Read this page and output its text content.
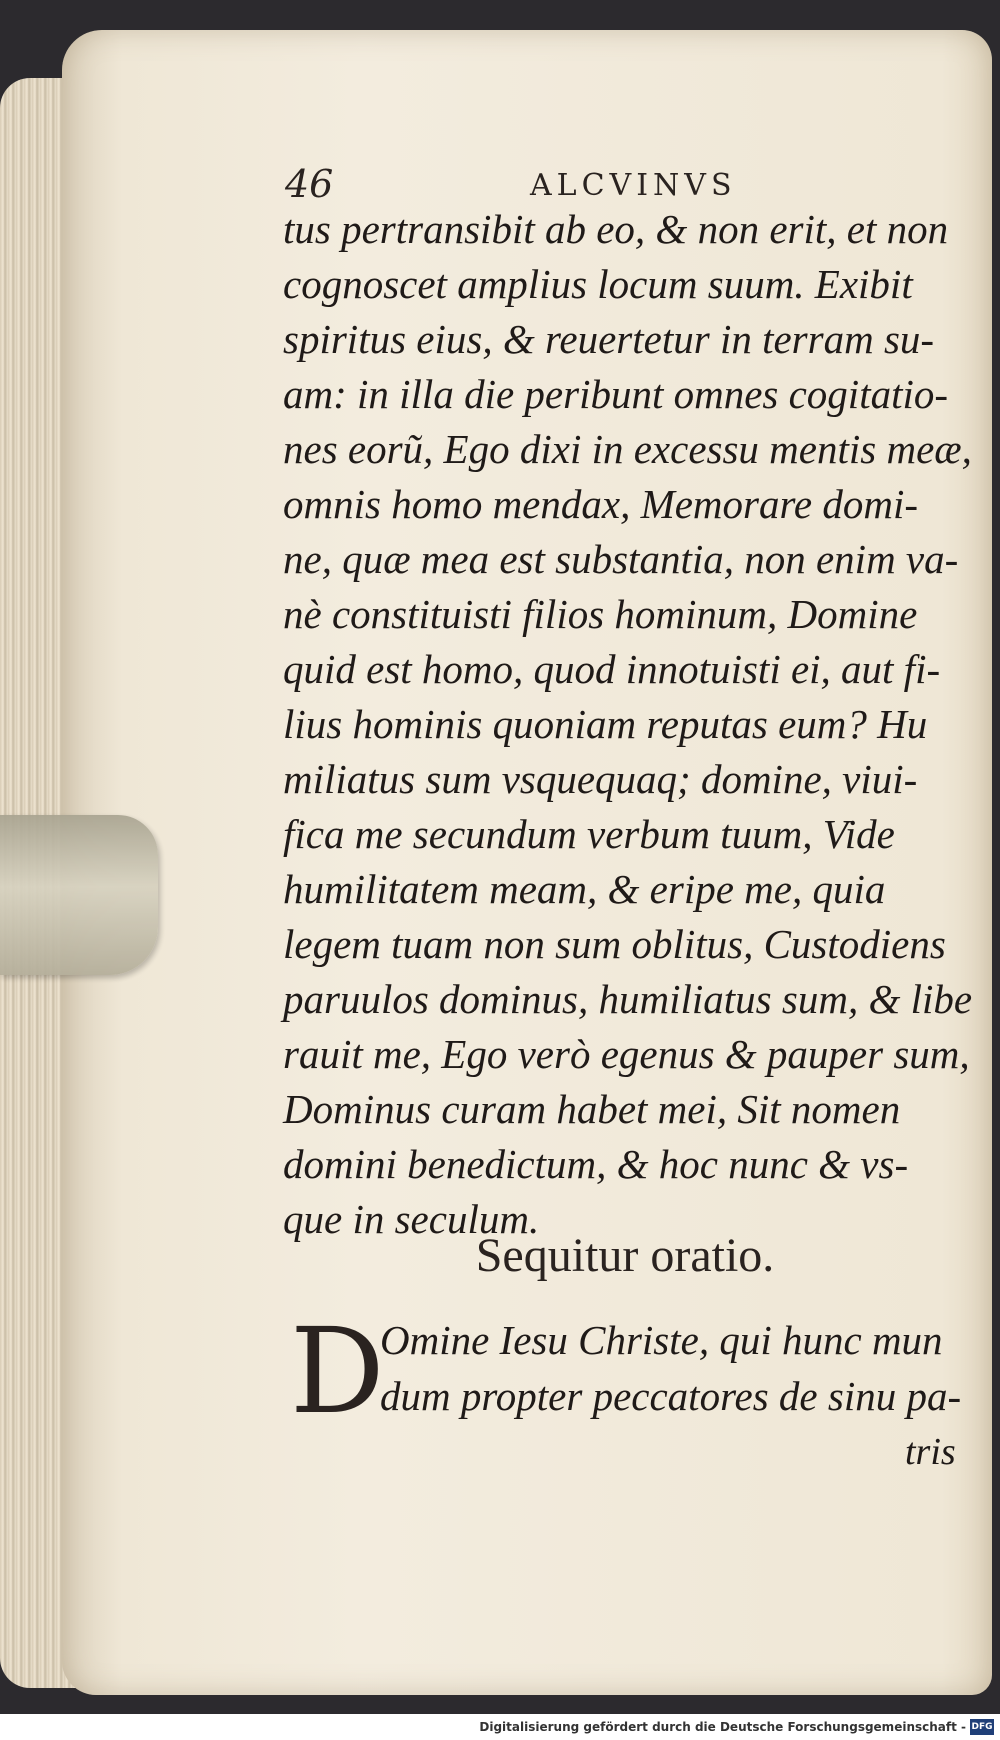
46	ALCVINVS
tus pertransibit ab eo, & non erit, et non
cognoscet amplius locum suum. Exibit
spiritus eius, & reuertetur in terram su-
am: in illa die peribunt omnes cogitatio-
nes eorũ, Ego dixi in excessu mentis meæ,
omnis homo mendax, Memorare domi-
ne, quæ mea est substantia, non enim va-
nè constituisti filios hominum, Domine
quid est homo, quod innotuisti ei, aut fi-
lius hominis quoniam reputas eum? Hu
miliatus sum vsquequaq; domine, viui-
fica me secundum verbum tuum, Vide
humilitatem meam, & eripe me, quia
legem tuam non sum oblitus, Custodiens
paruulos dominus, humiliatus sum, & libe
rauit me, Ego verò egenus & pauper sum,
Dominus curam habet mei, Sit nomen
domini benedictum, & hoc nunc & vs-
que in seculum.
Sequitur oratio.
D
Omine Iesu Christe, qui hunc mun
dum propter peccatores de sinu pa-
tris
Digitalisierung gefördert durch die Deutsche Forschungsgemeinschaft - DFG
